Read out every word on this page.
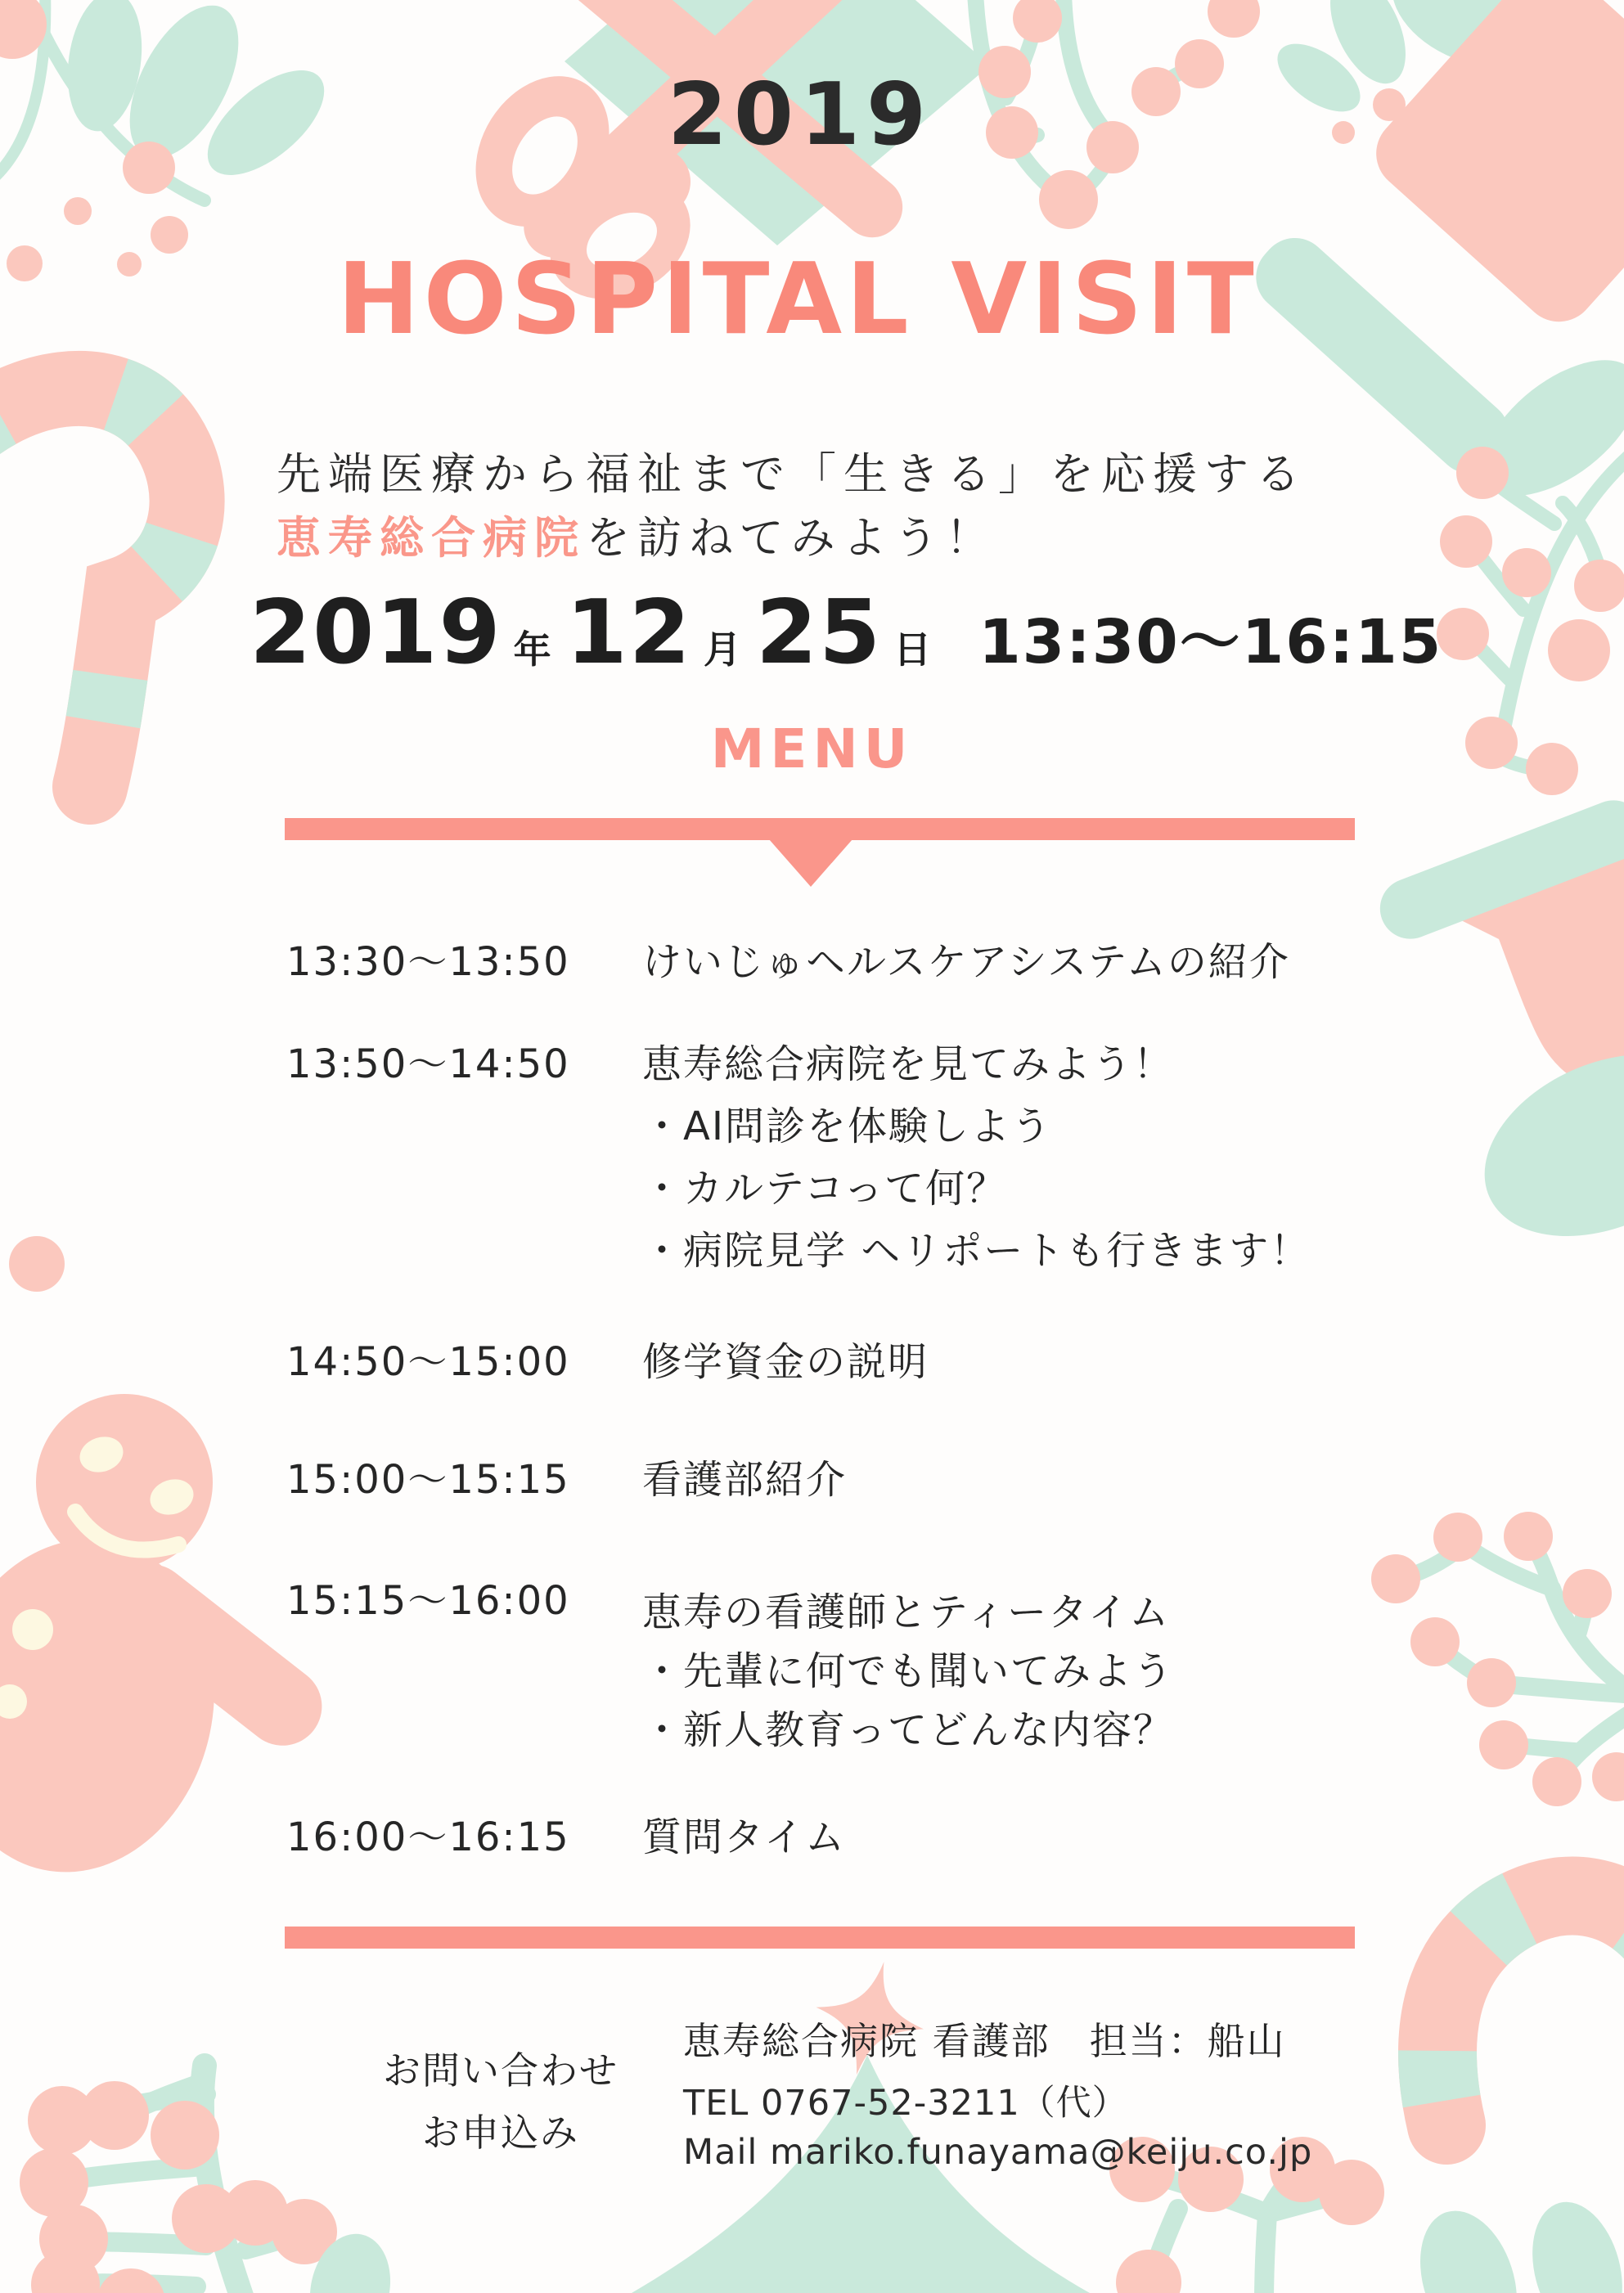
2019
HOSPITAL VISIT
先端医療から福祉まで「生きる」を応援する
恵寿総合病院を訪ねてみよう！
2019 年 12 月 25 日 13:30〜16:15
MENU
13:30〜13:50	けいじゅヘルスケアシステムの紹介
13:50〜14:50	恵寿総合病院を見てみよう！
・AI問診を体験しよう
・カルテコって何？
・病院見学 ヘリポートも行きます！
14:50〜15:00	修学資金の説明
15:00〜15:15	看護部紹介
15:15〜16:00	恵寿の看護師とティータイム
・先輩に何でも聞いてみよう
・新人教育ってどんな内容？
16:00〜16:15	質問タイム
お問い合わせ
お申込み
恵寿総合病院 看護部　担当：船山
TEL 0767-52-3211（代）
Mail mariko.funayama@keiju.co.jp
